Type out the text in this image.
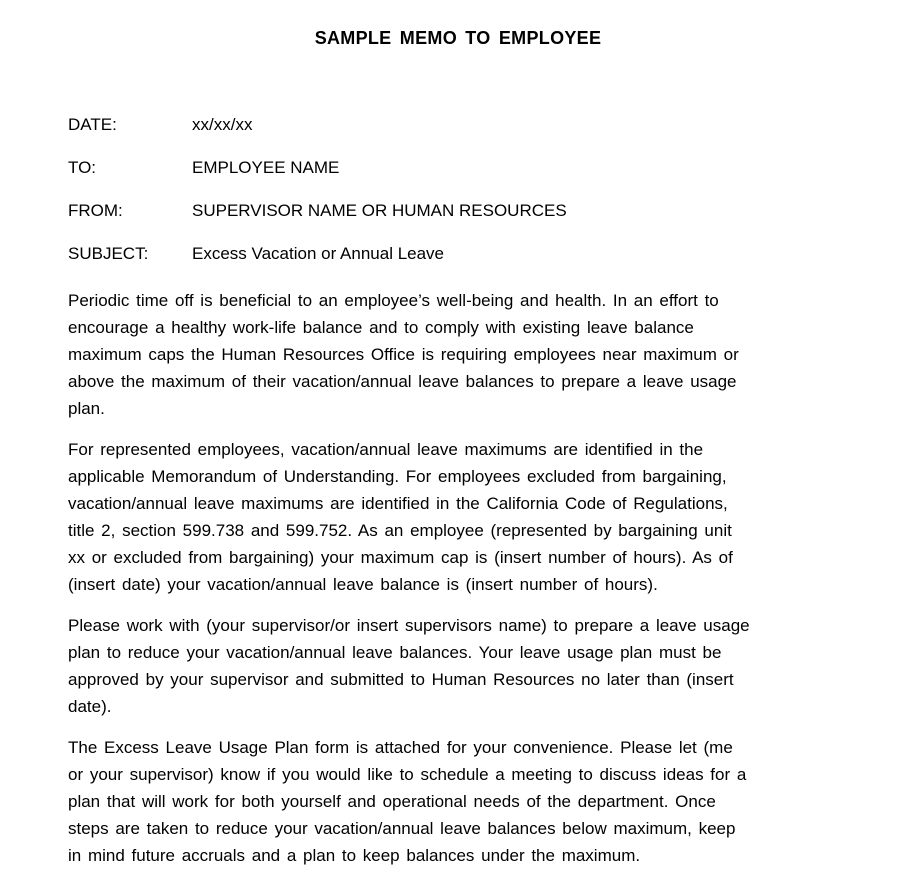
SAMPLE MEMO TO EMPLOYEE
DATE:	xx/xx/xx
TO:	EMPLOYEE NAME
FROM:	SUPERVISOR NAME OR HUMAN RESOURCES
SUBJECT:	Excess Vacation or Annual Leave
Periodic time off is beneficial to an employee’s well-being and health. In an effort to
encourage a healthy work-life balance and to comply with existing leave balance
maximum caps the Human Resources Office is requiring employees near maximum or
above the maximum of their vacation/annual leave balances to prepare a leave usage
plan.
For represented employees, vacation/annual leave maximums are identified in the
applicable Memorandum of Understanding. For employees excluded from bargaining,
vacation/annual leave maximums are identified in the California Code of Regulations,
title 2, section 599.738 and 599.752. As an employee (represented by bargaining unit
xx or excluded from bargaining) your maximum cap is (insert number of hours). As of
(insert date) your vacation/annual leave balance is (insert number of hours).
Please work with (your supervisor/or insert supervisors name) to prepare a leave usage
plan to reduce your vacation/annual leave balances. Your leave usage plan must be
approved by your supervisor and submitted to Human Resources no later than (insert
date).
The Excess Leave Usage Plan form is attached for your convenience. Please let (me
or your supervisor) know if you would like to schedule a meeting to discuss ideas for a
plan that will work for both yourself and operational needs of the department. Once
steps are taken to reduce your vacation/annual leave balances below maximum, keep
in mind future accruals and a plan to keep balances under the maximum.
